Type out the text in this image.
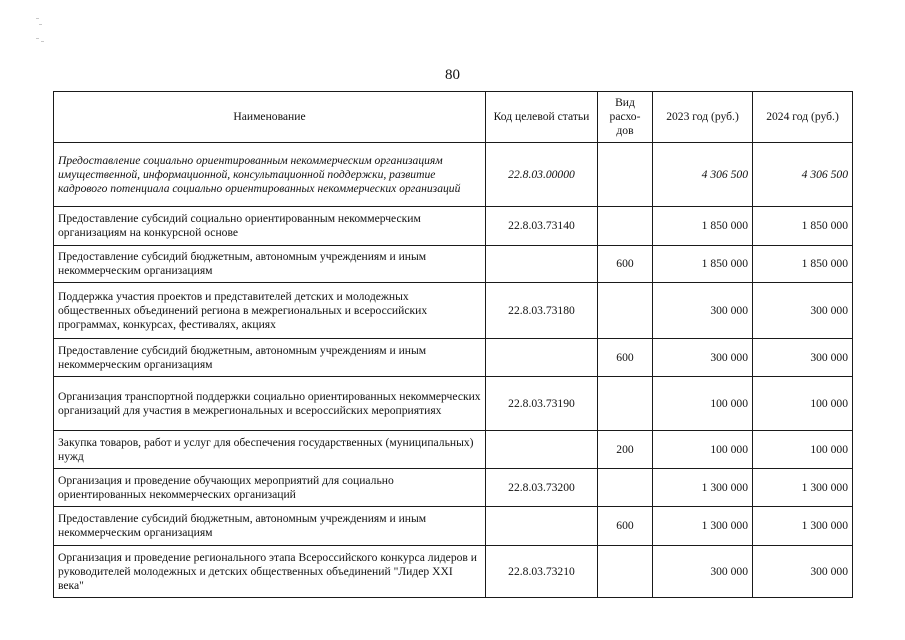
80
Наименование	Код целевой статьи	Вид расхо-дов	2023 год (руб.)	2024 год (руб.)
Предоставление социально ориентированным некоммерческим организациям имущественной, информационной, консультационной поддержки, развитие кадрового потенциала социально ориентированных некоммерческих организаций	22.8.03.00000		4 306 500	4 306 500
Предоставление субсидий социально ориентированным некоммерческим организациям на конкурсной основе	22.8.03.73140		1 850 000	1 850 000
Предоставление субсидий бюджетным, автономным учреждениям и иным некоммерческим организациям		600	1 850 000	1 850 000
Поддержка участия проектов и представителей детских и молодежных общественных объединений региона в межрегиональных и всероссийских программах, конкурсах, фестивалях, акциях	22.8.03.73180		300 000	300 000
Предоставление субсидий бюджетным, автономным учреждениям и иным некоммерческим организациям		600	300 000	300 000
Организация транспортной поддержки социально ориентированных некоммерческих организаций для участия в межрегиональных и всероссийских мероприятиях	22.8.03.73190		100 000	100 000
Закупка товаров, работ и услуг для обеспечения государственных (муниципальных) нужд		200	100 000	100 000
Организация и проведение обучающих мероприятий для социально ориентированных некоммерческих организаций	22.8.03.73200		1 300 000	1 300 000
Предоставление субсидий бюджетным, автономным учреждениям и иным некоммерческим организациям		600	1 300 000	1 300 000
Организация и проведение регионального этапа Всероссийского конкурса лидеров и руководителей молодежных и детских общественных объединений "Лидер XXI века"	22.8.03.73210		300 000	300 000
